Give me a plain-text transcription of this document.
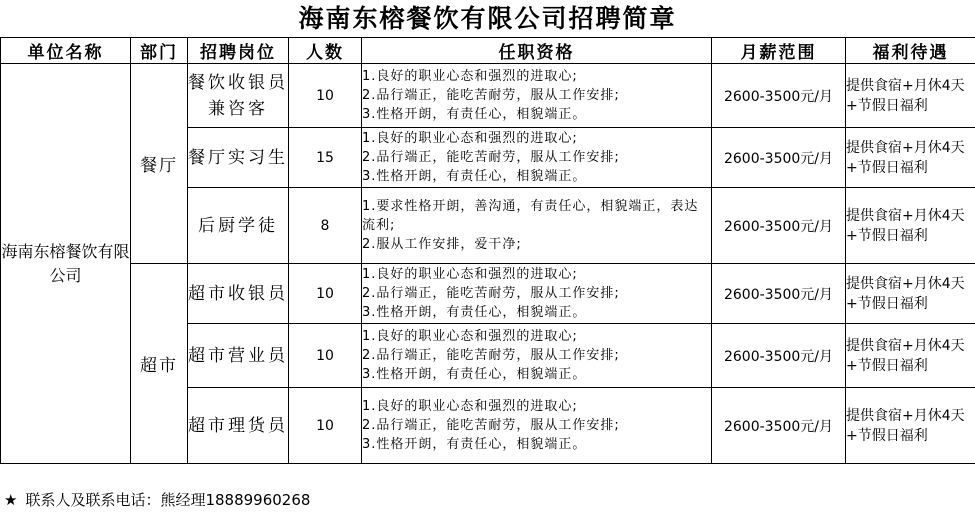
海南东榕餐饮有限公司招聘简章
单位名称	部门	招聘岗位	人数	任职资格	月薪范围	福利待遇
海南东榕餐饮有限公司	餐厅	餐饮收银员兼咨客	10	1.良好的职业心态和强烈的进取心;
2.品行端正，能吃苦耐劳，服从工作安排;
3.性格开朗，有责任心，相貌端正。	2600-3500元/月	提供食宿+月休4天+节假日福利
		餐厅实习生	15	1.良好的职业心态和强烈的进取心;
2.品行端正，能吃苦耐劳，服从工作安排;
3.性格开朗，有责任心，相貌端正。	2600-3500元/月	提供食宿+月休4天+节假日福利
		后厨学徒	8	1.要求性格开朗，善沟通，有责任心，相貌端正，表达流利;
2.服从工作安排，爱干净;	2600-3500元/月	提供食宿+月休4天+节假日福利
	超市	超市收银员	10	1.良好的职业心态和强烈的进取心;
2.品行端正，能吃苦耐劳，服从工作安排;
3.性格开朗，有责任心，相貌端正。	2600-3500元/月	提供食宿+月休4天+节假日福利
		超市营业员	10	1.良好的职业心态和强烈的进取心;
2.品行端正，能吃苦耐劳，服从工作安排;
3.性格开朗，有责任心，相貌端正。	2600-3500元/月	提供食宿+月休4天+节假日福利
		超市理货员	10	1.良好的职业心态和强烈的进取心;
2.品行端正，能吃苦耐劳，服从工作安排;
3.性格开朗，有责任心，相貌端正。	2600-3500元/月	提供食宿+月休4天+节假日福利
★ 联系人及联系电话：熊经理18889960268
